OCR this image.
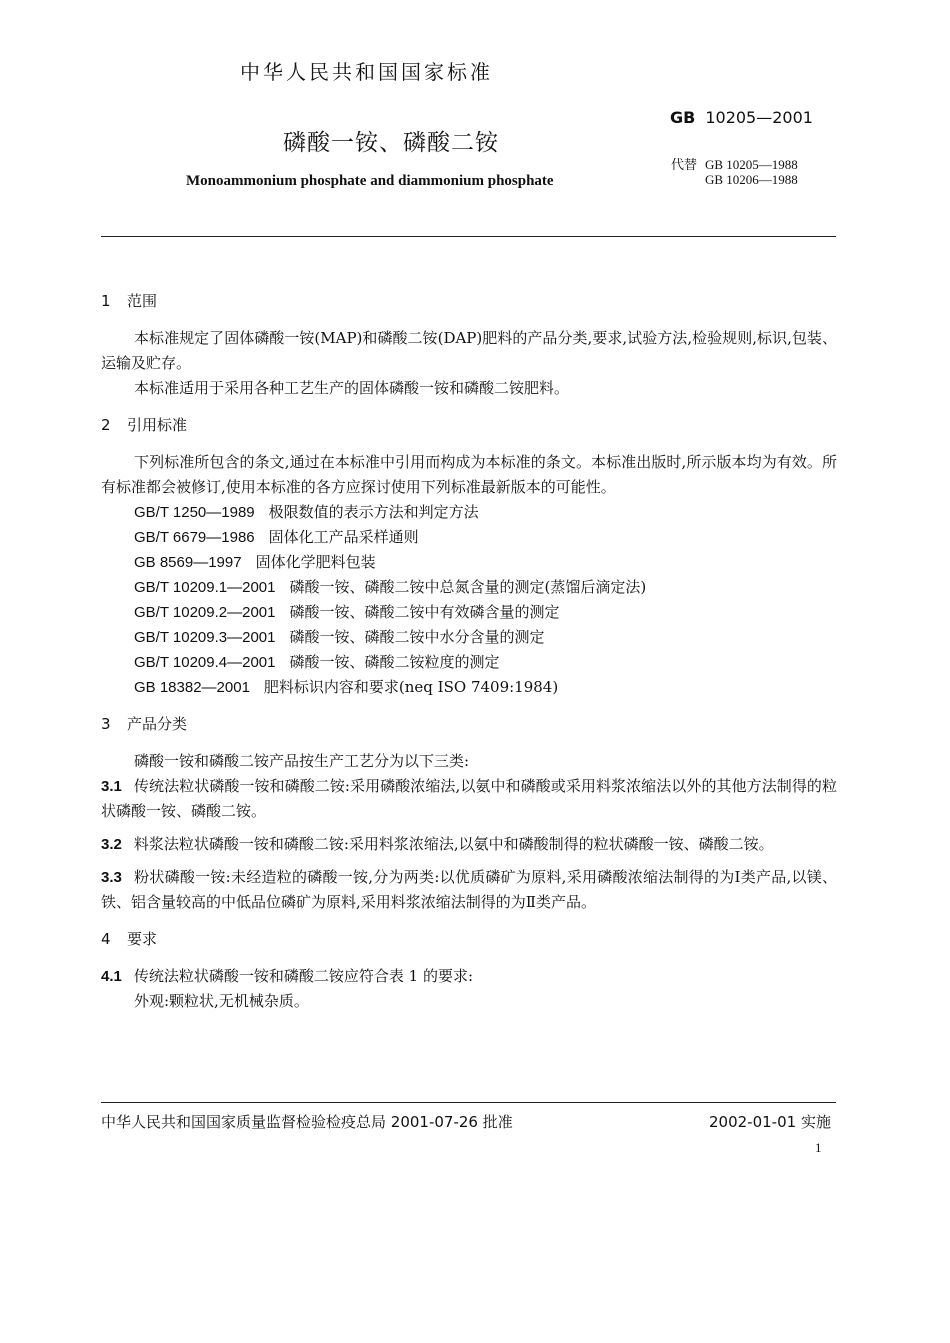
中华人民共和国国家标准
GB 10205—2001
磷酸一铵、磷酸二铵
Monoammonium phosphate and diammonium phosphate
代替 GB 10205—1988
GB 10206—1988
1 范围

本标准规定了固体磷酸一铵(MAP)和磷酸二铵(DAP)肥料的产品分类,要求,试验方法,检验规则,标识,包装、运输及贮存。

本标准适用于采用各种工艺生产的固体磷酸一铵和磷酸二铵肥料。

2 引用标准

下列标准所包含的条文,通过在本标准中引用而构成为本标准的条文。本标准出版时,所示版本均为有效。所有标准都会被修订,使用本标准的各方应探讨使用下列标准最新版本的可能性。

GB/T 1250—1989 极限数值的表示方法和判定方法

GB/T 6679—1986 固体化工产品采样通则

GB 8569—1997 固体化学肥料包装

GB/T 10209.1—2001 磷酸一铵、磷酸二铵中总氮含量的测定(蒸馏后滴定法)

GB/T 10209.2—2001 磷酸一铵、磷酸二铵中有效磷含量的测定

GB/T 10209.3—2001 磷酸一铵、磷酸二铵中水分含量的测定

GB/T 10209.4—2001 磷酸一铵、磷酸二铵粒度的测定

GB 18382—2001 肥料标识内容和要求(neq ISO 7409:1984)

3 产品分类

磷酸一铵和磷酸二铵产品按生产工艺分为以下三类:

3.1 传统法粒状磷酸一铵和磷酸二铵:采用磷酸浓缩法,以氨中和磷酸或采用料浆浓缩法以外的其他方法制得的粒状磷酸一铵、磷酸二铵。

3.2 料浆法粒状磷酸一铵和磷酸二铵:采用料浆浓缩法,以氨中和磷酸制得的粒状磷酸一铵、磷酸二铵。

3.3 粉状磷酸一铵:未经造粒的磷酸一铵,分为两类:以优质磷矿为原料,采用磷酸浓缩法制得的为Ⅰ类产品,以镁、铁、铝含量较高的中低品位磷矿为原料,采用料浆浓缩法制得的为Ⅱ类产品。

4 要求

4.1 传统法粒状磷酸一铵和磷酸二铵应符合表 1 的要求:

外观:颗粒状,无机械杂质。

中华人民共和国国家质量监督检验检疫总局 2001-07-26 批准	2002-01-01 实施
1
